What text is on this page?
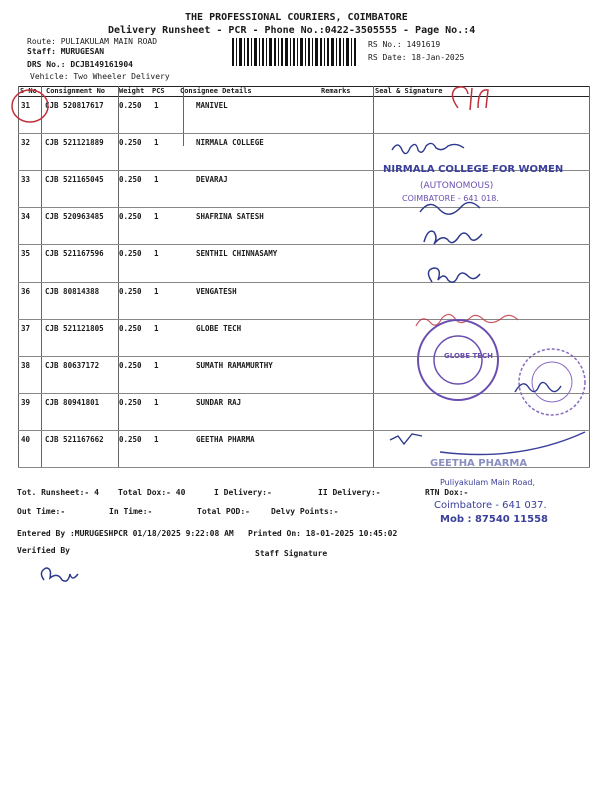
THE PROFESSIONAL COURIERS, COIMBATORE
Delivery Runsheet - PCR - Phone No.:0422-3505555 - Page No.:4
Route: PULIAKULAM MAIN ROAD
Staff: MURUGESAN
DRS No.: DCJB149161904
Vehicle: Two Wheeler Delivery
RS No.: 1491619
RS Date: 18-Jan-2025
S No. Consignment No Weight PCS Consignee Details	Remarks	Seal & Signature
31 CJB 520817617 0.250 1	MANIVEL
32 CJB 521121889 0.250 1	NIRMALA COLLEGE
33 CJB 521165045 0.250 1	DEVARAJ
34 CJB 520963485 0.250 1	SHAFRINA SATESH
35 CJB 521167596 0.250 1	SENTHIL CHINNASAMY
36 CJB 80814388	0.250 1	VENGATESH
37 CJB 521121805 0.250 1	GLOBE TECH
38 CJB 80637172	0.250 1	SUMATH RAMAMURTHY
39 CJB 80941801	0.250 1	SUNDAR RAJ
40 CJB 521167662 0.250 1	GEETHA PHARMA
Tot. Runsheet:- 4 Total Dox:- 40	I Delivery:-	II Delivery:-	RTN Dox:-
Out Time:-	In Time:-	Total POD:-	Delvy Points:-
Entered By :MURUGESHPCR 01/18/2025 9:22:08 AM Printed On: 18-01-2025 10:45:02
Verified By	Staff Signature
NIRMALA COLLEGE FOR WOMEN
(AUTONOMOUS)
COIMBATORE - 641 018.
GLOBE TECH
GEETHA PHARMA
Puliyakulam Main Road,
Coimbatore - 641 037.
Mob : 87540 11558
